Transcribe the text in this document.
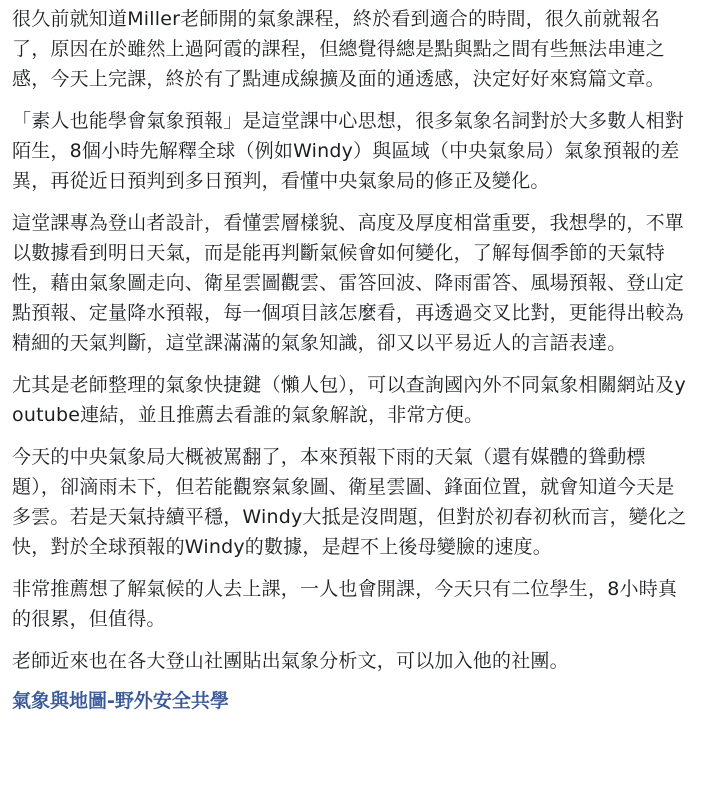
很久前就知道Miller老師開的氣象課程，終於看到適合的時間，很久前就報名了，原因在於雖然上過阿霞的課程，但總覺得總是點與點之間有些無法串連之感，今天上完課，終於有了點連成線擴及面的通透感，決定好好來寫篇文章。

「素人也能學會氣象預報」是這堂課中心思想，很多氣象名詞對於大多數人相對陌生，8個小時先解釋全球（例如Windy）與區域（中央氣象局）氣象預報的差異，再從近日預判到多日預判，看懂中央氣象局的修正及變化。

這堂課專為登山者設計，看懂雲層樣貌、高度及厚度相當重要，我想學的，不單以數據看到明日天氣，而是能再判斷氣候會如何變化，了解每個季節的天氣特性，藉由氣象圖走向、衛星雲圖觀雲、雷答回波、降雨雷答、風場預報、登山定點預報、定量降水預報，每一個項目該怎麼看，再透過交叉比對，更能得出較為精細的天氣判斷，這堂課滿滿的氣象知識，卻又以平易近人的言語表達。

尤其是老師整理的氣象快捷鍵（懶人包），可以查詢國內外不同氣象相關網站及youtube連結，並且推薦去看誰的氣象解說，非常方便。

今天的中央氣象局大概被罵翻了，本來預報下雨的天氣（還有媒體的聳動標題），卻滴雨未下，但若能觀察氣象圖、衛星雲圖、鋒面位置，就會知道今天是多雲。若是天氣持續平穩，Windy大抵是沒問題，但對於初春初秋而言，變化之快，對於全球預報的Windy的數據，是趕不上後母變臉的速度。

非常推薦想了解氣候的人去上課，一人也會開課，今天只有二位學生，8小時真的很累，但值得。

老師近來也在各大登山社團貼出氣象分析文，可以加入他的社團。

氣象與地圖-野外安全共學
